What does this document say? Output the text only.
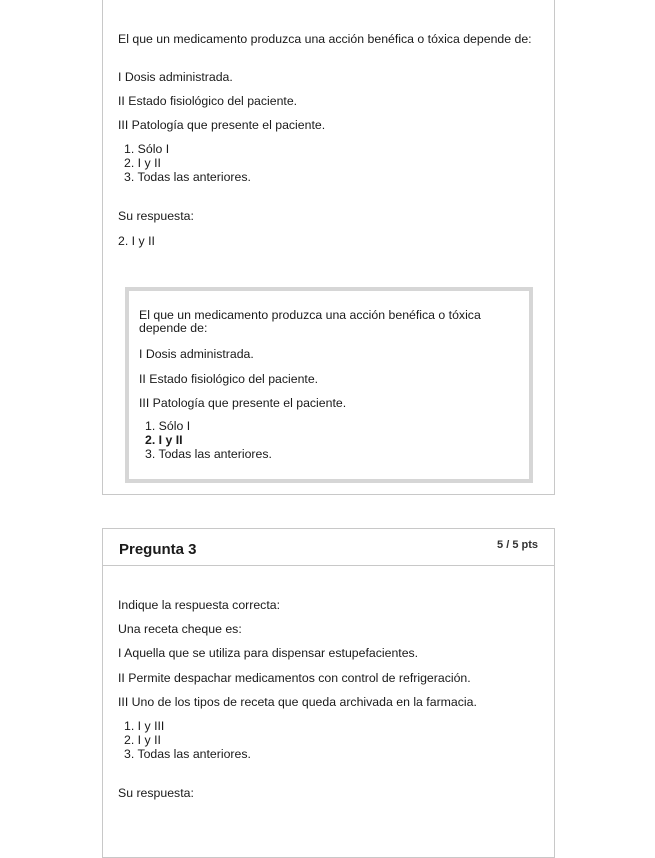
El que un medicamento produzca una acción benéfica o tóxica depende de:
I Dosis administrada.
II Estado fisiológico del paciente.
III Patología que presente el paciente.
1. Sólo I
2. I y II
3. Todas las anteriores.
Su respuesta:
2. I y II
El que un medicamento produzca una acción benéfica o tóxica depende de:
I Dosis administrada.
II Estado fisiológico del paciente.
III Patología que presente el paciente.
1. Sólo I
2. I y II
3. Todas las anteriores.
Pregunta 3	5 / 5 pts
Indique la respuesta correcta:
Una receta cheque es:
I Aquella que se utiliza para dispensar estupefacientes.
II Permite despachar medicamentos con control de refrigeración.
III Uno de los tipos de receta que queda archivada en la farmacia.
1. I y III
2. I y II
3. Todas las anteriores.
Su respuesta:
